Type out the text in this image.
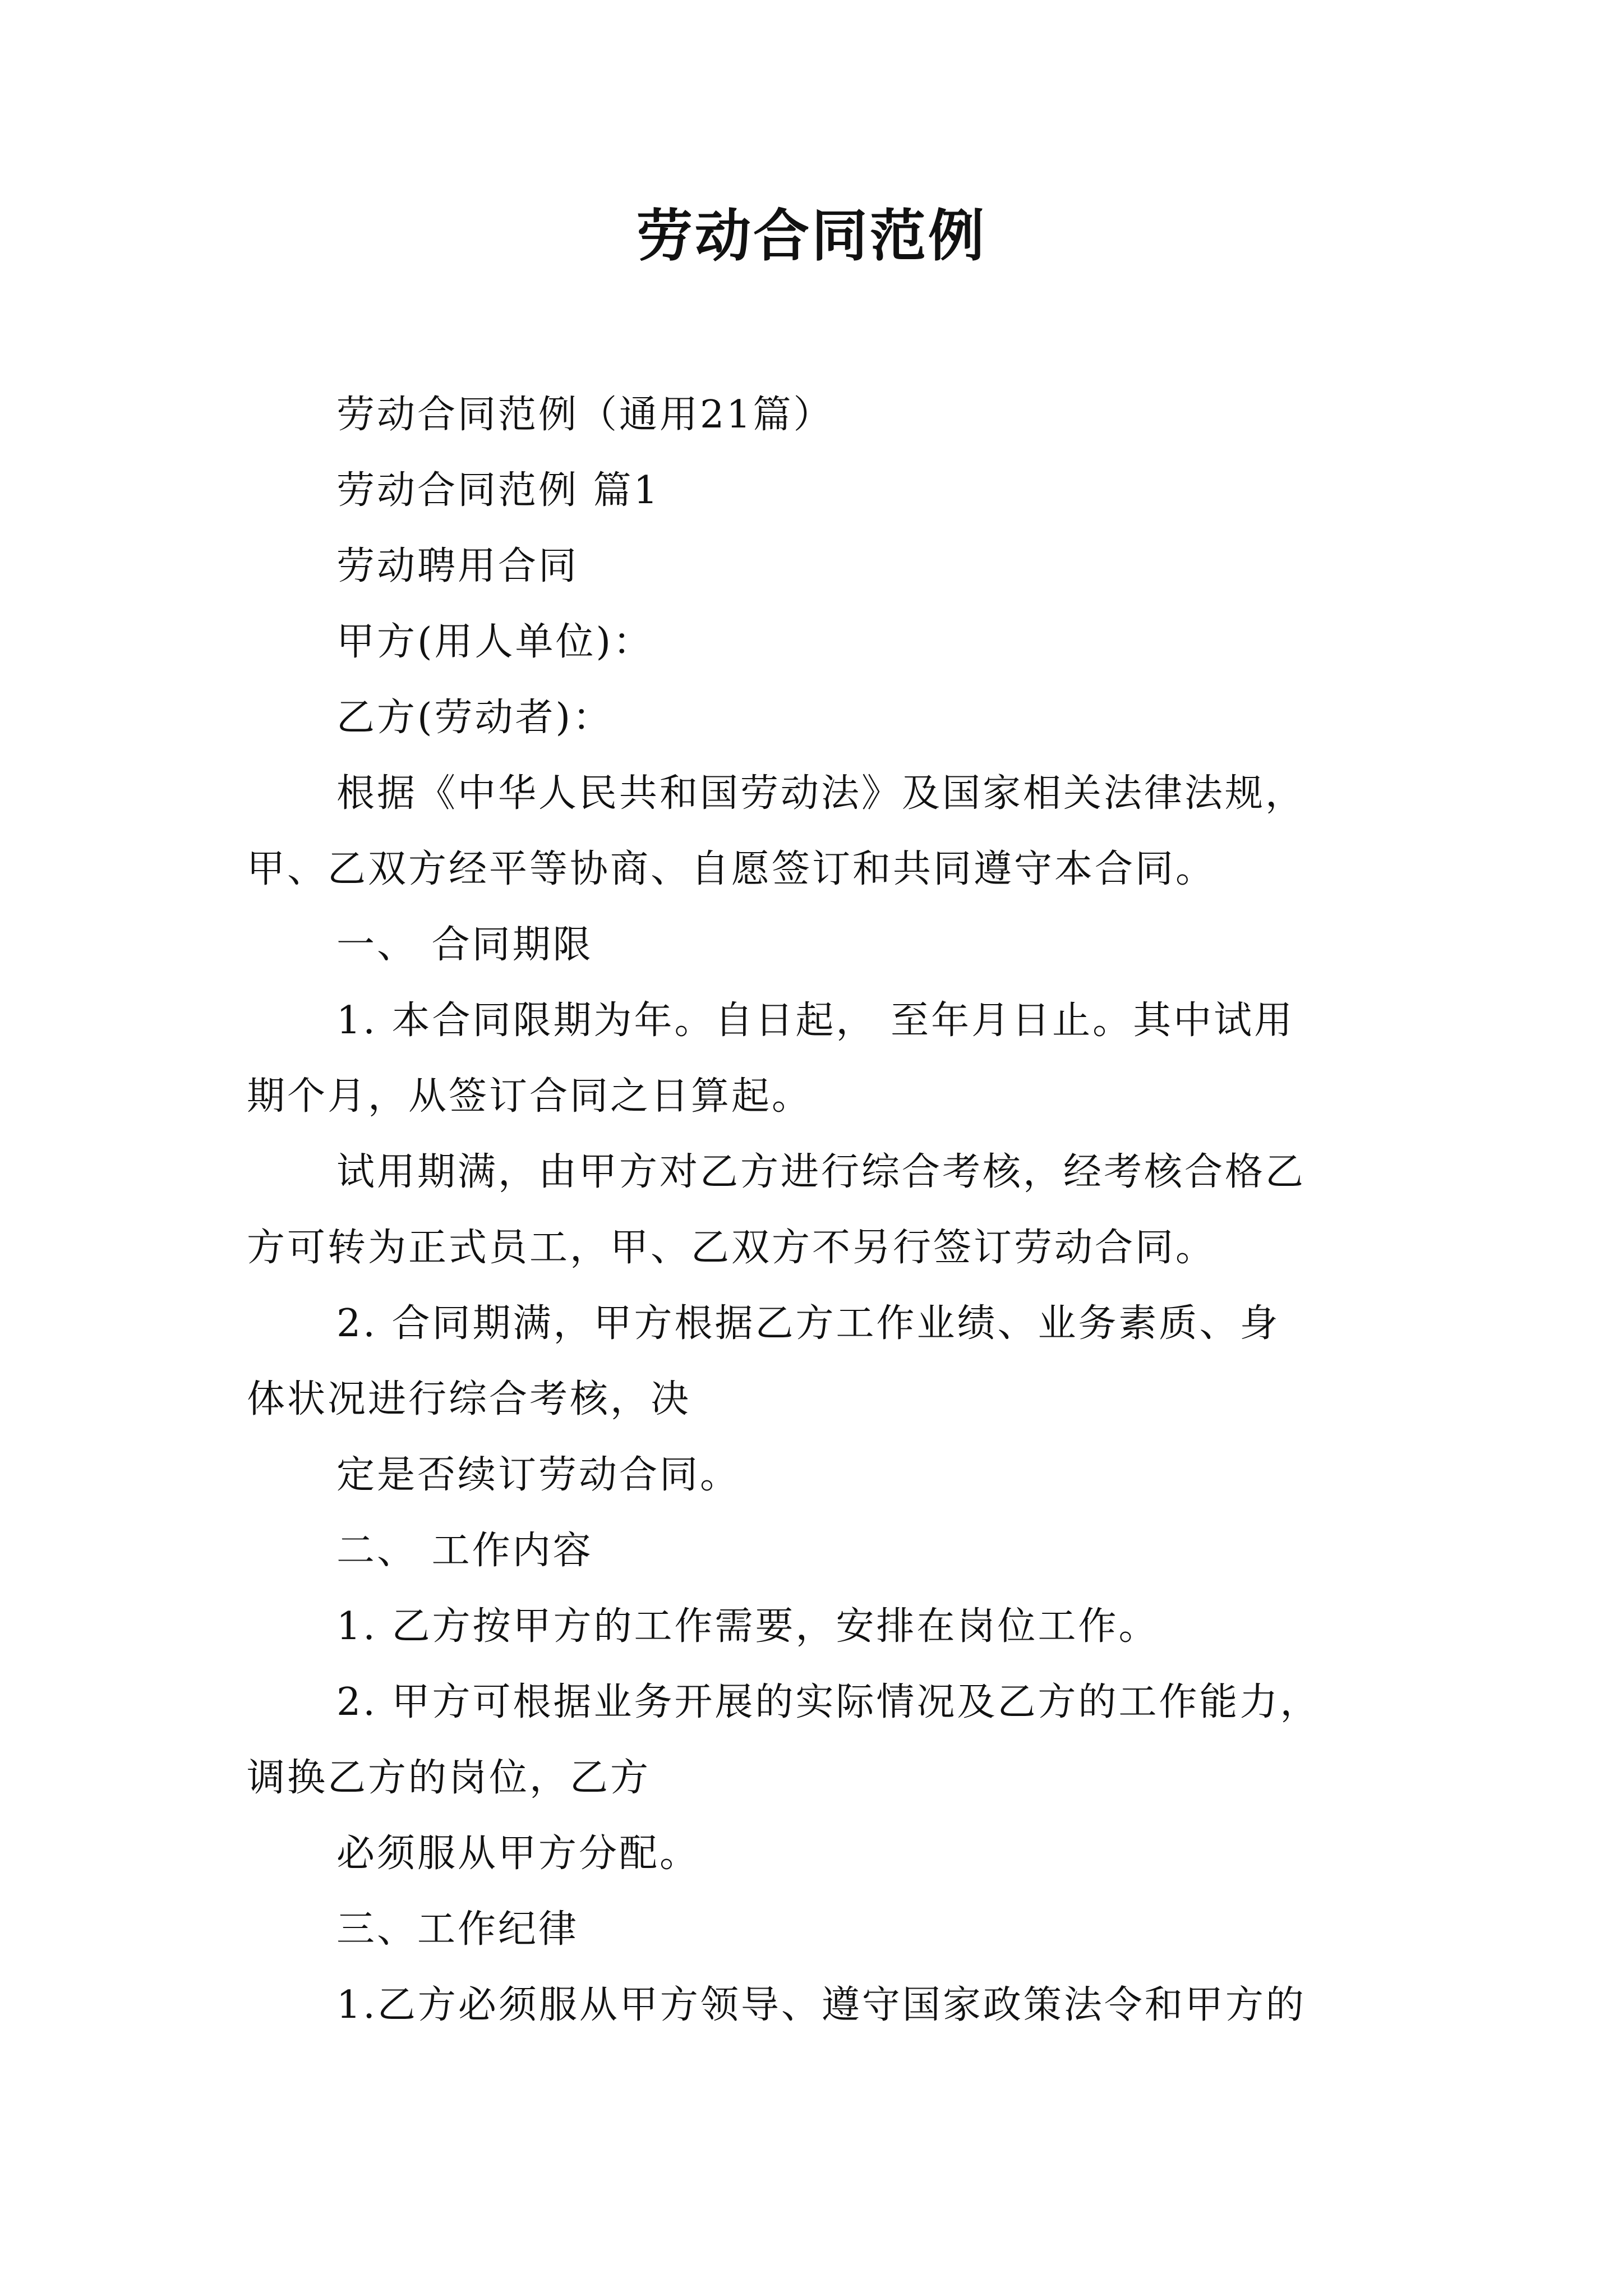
劳动合同范例
劳动合同范例（通用21篇）
劳动合同范例 篇1
劳动聘用合同
甲方(用人单位)：
乙方(劳动者)：
根据《中华人民共和国劳动法》及国家相关法律法规，
甲、乙双方经平等协商、自愿签订和共同遵守本合同。
一、 合同期限
1. 本合同限期为年。自日起， 至年月日止。其中试用
期个月，从签订合同之日算起。
试用期满，由甲方对乙方进行综合考核，经考核合格乙
方可转为正式员工，甲、乙双方不另行签订劳动合同。
2. 合同期满，甲方根据乙方工作业绩、业务素质、身
体状况进行综合考核，决
定是否续订劳动合同。
二、 工作内容
1. 乙方按甲方的工作需要，安排在岗位工作。
2. 甲方可根据业务开展的实际情况及乙方的工作能力，
调换乙方的岗位，乙方
必须服从甲方分配。
三、工作纪律
1.乙方必须服从甲方领导、遵守国家政策法令和甲方的
